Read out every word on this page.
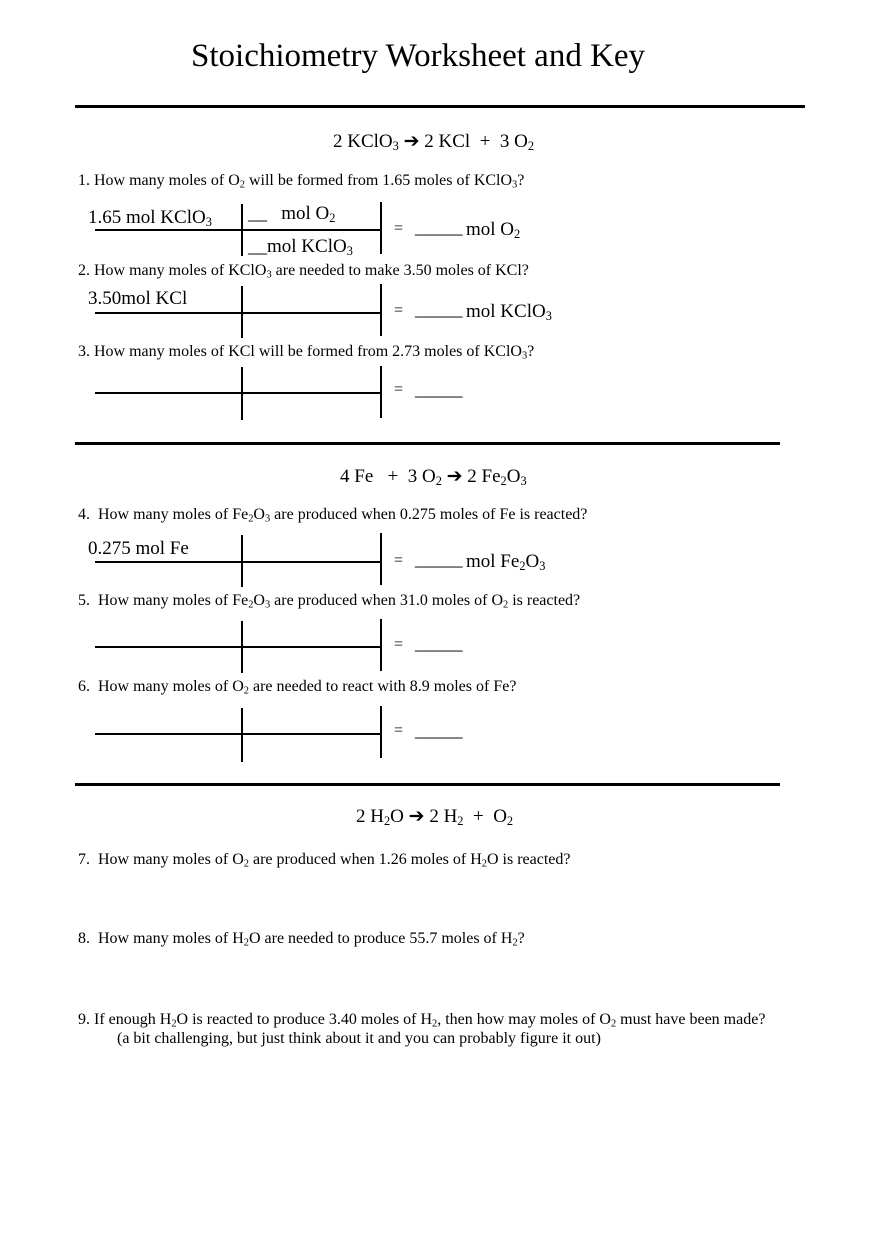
Stoichiometry Worksheet and Key
2 KClO$_3$ ➔ 2 KCl + 3 $O_2$
1. How many moles of $O_2$ will be formed from 1.65 moles of KClO$_3$?
1.65 mol KClO$_3$ __ mol $O_2$
__mol KClO$_3$
= _____ mol $O_2$
2. How many moles of KClO$_3$ are needed to make 3.50 moles of KCl?
3.50mol KCl
= _____ mol KClO$_3$
3. How many moles of KCl will be formed from 2.73 moles of KClO$_3$?
= _____
4 Fe + 3 $O_2$ ➔ 2 $Fe_2O_3$
4. How many moles of $Fe_2O_3$ are produced when 0.275 moles of Fe is reacted?
0.275 mol Fe
= _____ mol $Fe_2O_3$
5. How many moles of $Fe_2O_3$ are produced when 31.0 moles of $O_2$ is reacted?
= _____
6. How many moles of $O_2$ are needed to react with 8.9 moles of Fe?
= _____
2 $H_2O$ ➔ 2 $H_2 + O_2$
7. How many moles of $O_2$ are produced when 1.26 moles of $H_2O$ is reacted?
8. How many moles of $H_2O$ are needed to produce 55.7 moles of $H_2$?
9. If enough $H_2O$ is reacted to produce 3.40 moles of $H_2$, then how may moles of $O_2$ must have been made?
(a bit challenging, but just think about it and you can probably figure it out)
